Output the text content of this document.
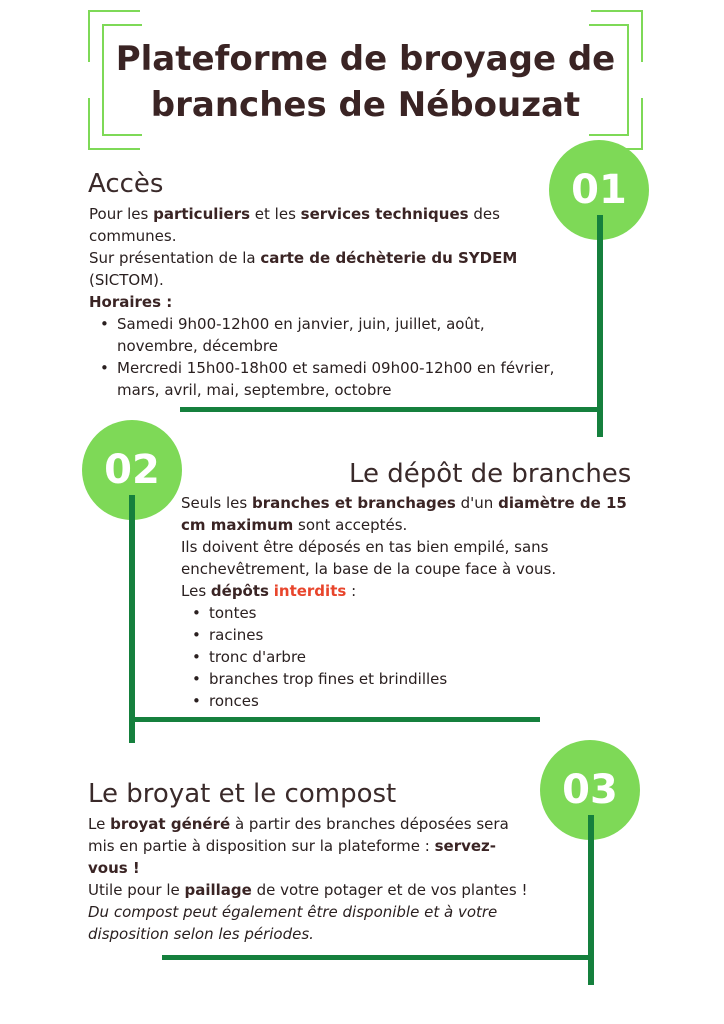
Plateforme de broyage de
branches de Nébouzat
01
Accès

Pour les particuliers et les services techniques des communes.

Sur présentation de la carte de déchèterie du SYDEM (SICTOM).

Horaires :

• Samedi 9h00-12h00 en janvier, juin, juillet, août, novembre, décembre
• Mercredi 15h00-18h00 et samedi 09h00-12h00 en février, mars, avril, mai, septembre, octobre
02	Le dépôt de branches

Seuls les branches et branchages d'un diamètre de 15 cm maximum sont acceptés.

Ils doivent être déposés en tas bien empilé, sans enchevêtrement, la base de la coupe face à vous.

Les dépôts interdits :

• tontes
• racines
• tronc d'arbre
• branches trop fines et brindilles
• ronces
03
Le broyat et le compost

Le broyat généré à partir des branches déposées sera mis en partie à disposition sur la plateforme : servez-vous !

Utile pour le paillage de votre potager et de vos plantes !

Du compost peut également être disponible et à votre disposition selon les périodes.
